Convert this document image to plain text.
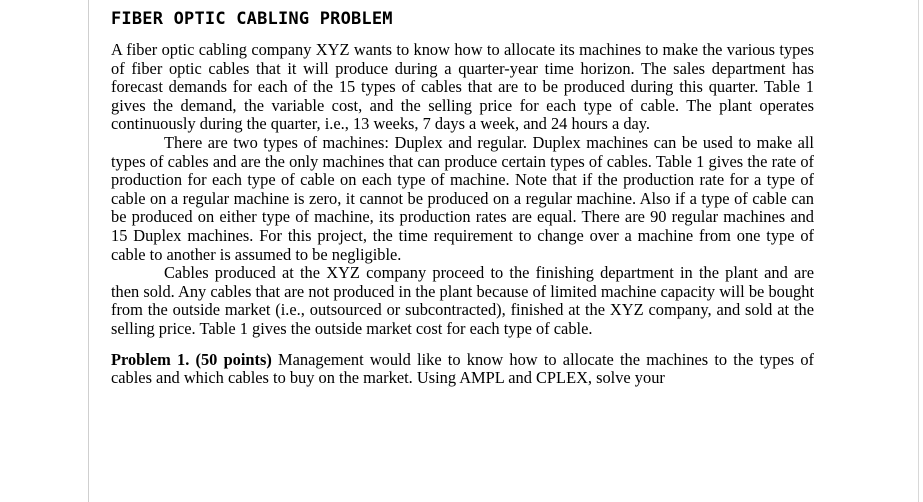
FIBER OPTIC CABLING PROBLEM

A fiber optic cabling company XYZ wants to know how to allocate its machines to make the various types of fiber optic cables that it will produce during a quarter-year time horizon. The sales department has forecast demands for each of the 15 types of cables that are to be produced during this quarter. Table 1 gives the demand, the variable cost, and the selling price for each type of cable. The plant operates continuously during the quarter, i.e., 13 weeks, 7 days a week, and 24 hours a day.

There are two types of machines: Duplex and regular. Duplex machines can be used to make all types of cables and are the only machines that can produce certain types of cables. Table 1 gives the rate of production for each type of cable on each type of machine. Note that if the production rate for a type of cable on a regular machine is zero, it cannot be produced on a regular machine. Also if a type of cable can be produced on either type of machine, its production rates are equal. There are 90 regular machines and 15 Duplex machines. For this project, the time requirement to change over a machine from one type of cable to another is assumed to be negligible.

Cables produced at the XYZ company proceed to the finishing department in the plant and are then sold. Any cables that are not produced in the plant because of limited machine capacity will be bought from the outside market (i.e., outsourced or subcontracted), finished at the XYZ company, and sold at the selling price. Table 1 gives the outside market cost for each type of cable.

Problem 1. (50 points) Management would like to know how to allocate the machines to the types of cables and which cables to buy on the market. Using AMPL and CPLEX, solve your
